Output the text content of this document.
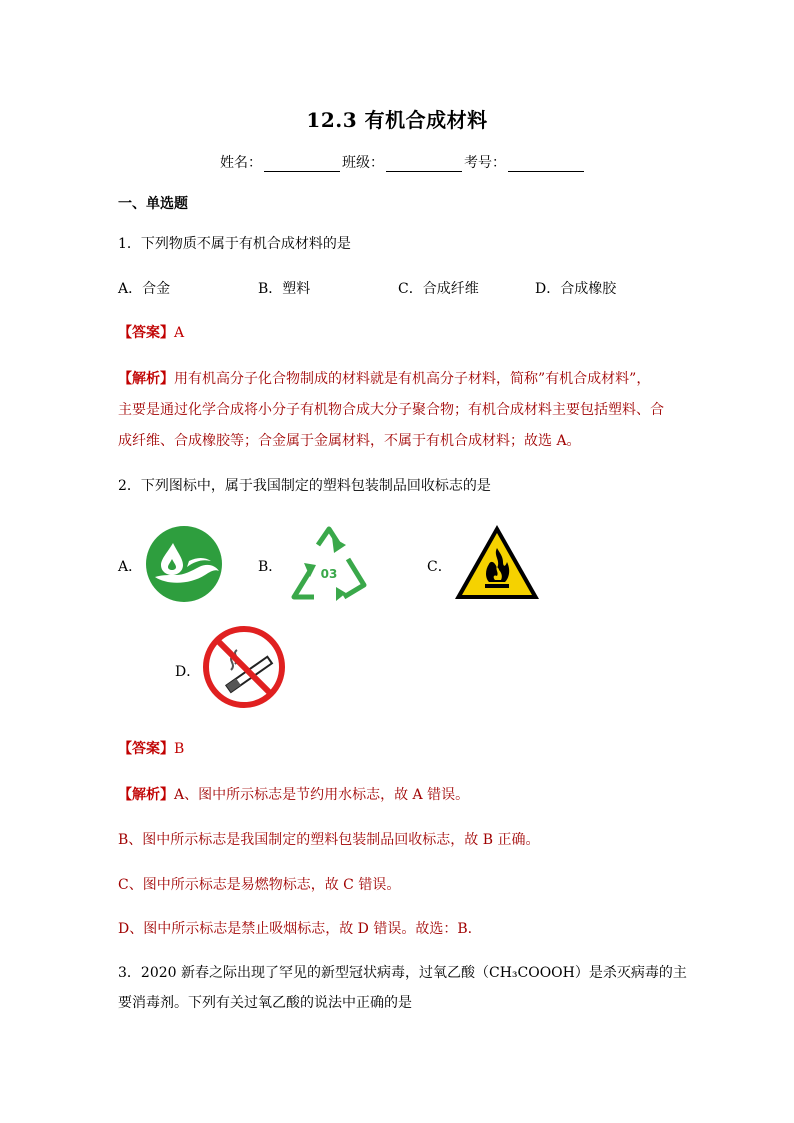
12.3 有机合成材料
姓名：	班级：	考号：
一、单选题
1．下列物质不属于有机合成材料的是
A．合金	B．塑料	C．合成纤维	D．合成橡胶
【答案】A
【解析】用有机高分子化合物制成的材料就是有机高分子材料，简称”有机合成材料”，
主要是通过化学合成将小分子有机物合成大分子聚合物；有机合成材料主要包括塑料、合
成纤维、合成橡胶等；合金属于金属材料，不属于有机合成材料；故选 A。
2．下列图标中，属于我国制定的塑料包装制品回收标志的是
A．	B．	03	C．
D．
【答案】B
【解析】A、图中所示标志是节约用水标志，故 A 错误。
B、图中所示标志是我国制定的塑料包装制品回收标志，故 B 正确。
C、图中所示标志是易燃物标志，故 C 错误。
D、图中所示标志是禁止吸烟标志，故 D 错误。故选：B.
3．2020 新春之际出现了罕见的新型冠状病毒，过氧乙酸（CH₃COOOH）是杀灭病毒的主
要消毒剂。下列有关过氧乙酸的说法中正确的是
